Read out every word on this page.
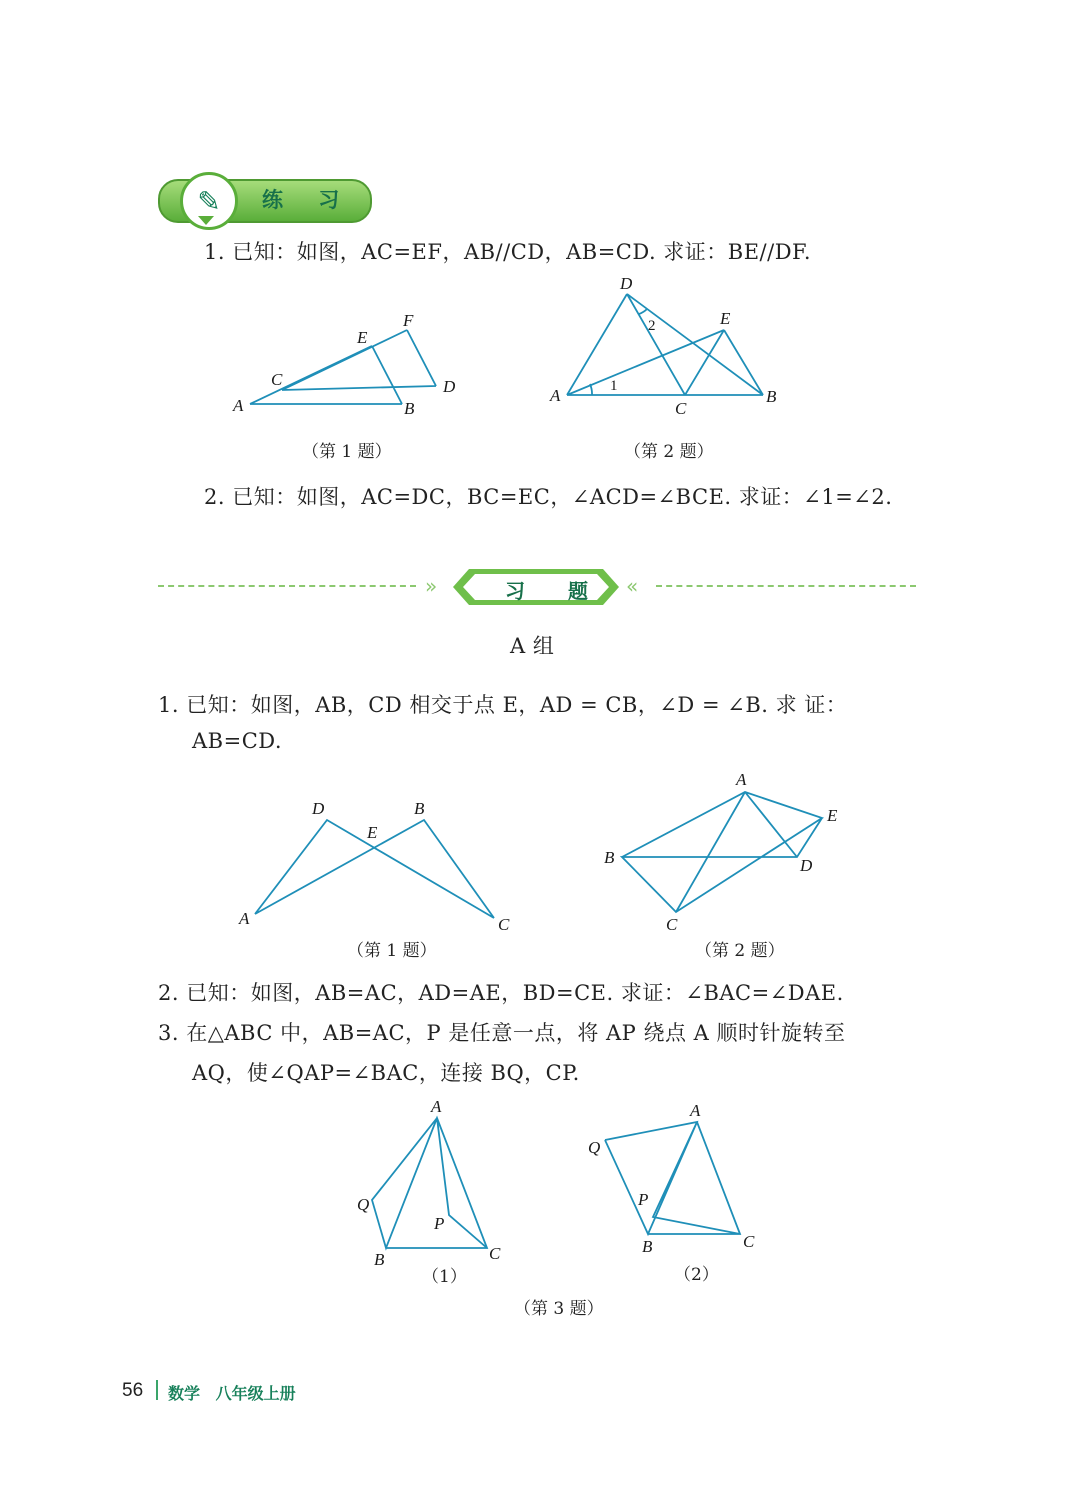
✎	练 习
1. 已知：如图，AC=EF，AB//CD，AB=CD. 求证：BE//DF.
（第 1 题）	（第 2 题）
2. 已知：如图，AC=DC，BC=EC，∠ACD=∠BCE. 求证：∠1=∠2.
»	习 题 «
A 组
1. 已知：如图，AB，CD 相交于点 E，AD = CB，∠D = ∠B. 求 证：
AB=CD.
（第 1 题）	（第 2 题）
2. 已知：如图，AB=AC，AD=AE，BD=CE. 求证：∠BAC=∠DAE.
3. 在△ABC 中，AB=AC，P 是任意一点，将 AP 绕点 A 顺时针旋转至
AQ，使∠QAP=∠BAC，连接 BQ，CP.
（1）	（2）
（第 3 题）
A	B
C	D
E
F
A	B
C
D
E
1
2
A
B
C
D
E
A
B
C
D
E
A
B	C
P
Q
A
B	C
P
Q
56 数学 八年级上册
